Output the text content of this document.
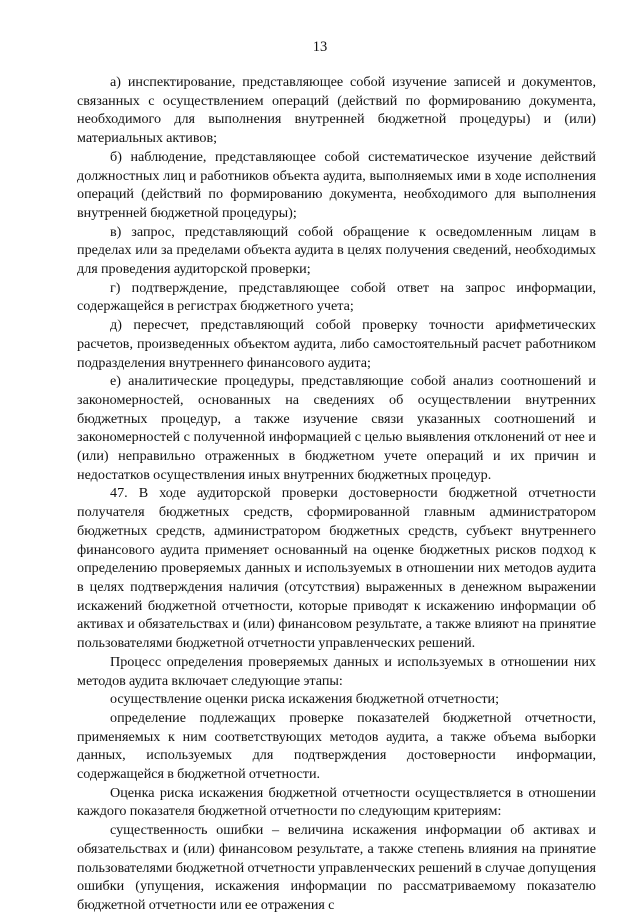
13

а) инспектирование, представляющее собой изучение записей и документов, связанных с осуществлением операций (действий по формированию документа, необходимого для выполнения внутренней бюджетной процедуры) и (или) материальных активов;

б) наблюдение, представляющее собой систематическое изучение действий должностных лиц и работников объекта аудита, выполняемых ими в ходе исполнения операций (действий по формированию документа, необходимого для выполнения внутренней бюджетной процедуры);

в) запрос, представляющий собой обращение к осведомленным лицам в пределах или за пределами объекта аудита в целях получения сведений, необходимых для проведения аудиторской проверки;

г) подтверждение, представляющее собой ответ на запрос информации, содержащейся в регистрах бюджетного учета;

д) пересчет, представляющий собой проверку точности арифметических расчетов, произведенных объектом аудита, либо самостоятельный расчет работником подразделения внутреннего финансового аудита;

е) аналитические процедуры, представляющие собой анализ соотношений и закономерностей, основанных на сведениях об осуществлении внутренних бюджетных процедур, а также изучение связи указанных соотношений и закономерностей с полученной информацией с целью выявления отклонений от нее и (или) неправильно отраженных в бюджетном учете операций и их причин и недостатков осуществления иных внутренних бюджетных процедур.

47. В ходе аудиторской проверки достоверности бюджетной отчетности получателя бюджетных средств, сформированной главным администратором бюджетных средств, администратором бюджетных средств, субъект внутреннего финансового аудита применяет основанный на оценке бюджетных рисков подход к определению проверяемых данных и используемых в отношении них методов аудита в целях подтверждения наличия (отсутствия) выраженных в денежном выражении искажений бюджетной отчетности, которые приводят к искажению информации об активах и обязательствах и (или) финансовом результате, а также влияют на принятие пользователями бюджетной отчетности управленческих решений.

Процесс определения проверяемых данных и используемых в отношении них методов аудита включает следующие этапы:

осуществление оценки риска искажения бюджетной отчетности;

определение подлежащих проверке показателей бюджетной отчетности, применяемых к ним соответствующих методов аудита, а также объема выборки данных, используемых для подтверждения достоверности информации, содержащейся в бюджетной отчетности.

Оценка риска искажения бюджетной отчетности осуществляется в отношении каждого показателя бюджетной отчетности по следующим критериям:

существенность ошибки – величина искажения информации об активах и обязательствах и (или) финансовом результате, а также степень влияния на принятие пользователями бюджетной отчетности управленческих решений в случае допущения ошибки (упущения, искажения информации по рассматриваемому показателю бюджетной отчетности или ее отражения с
